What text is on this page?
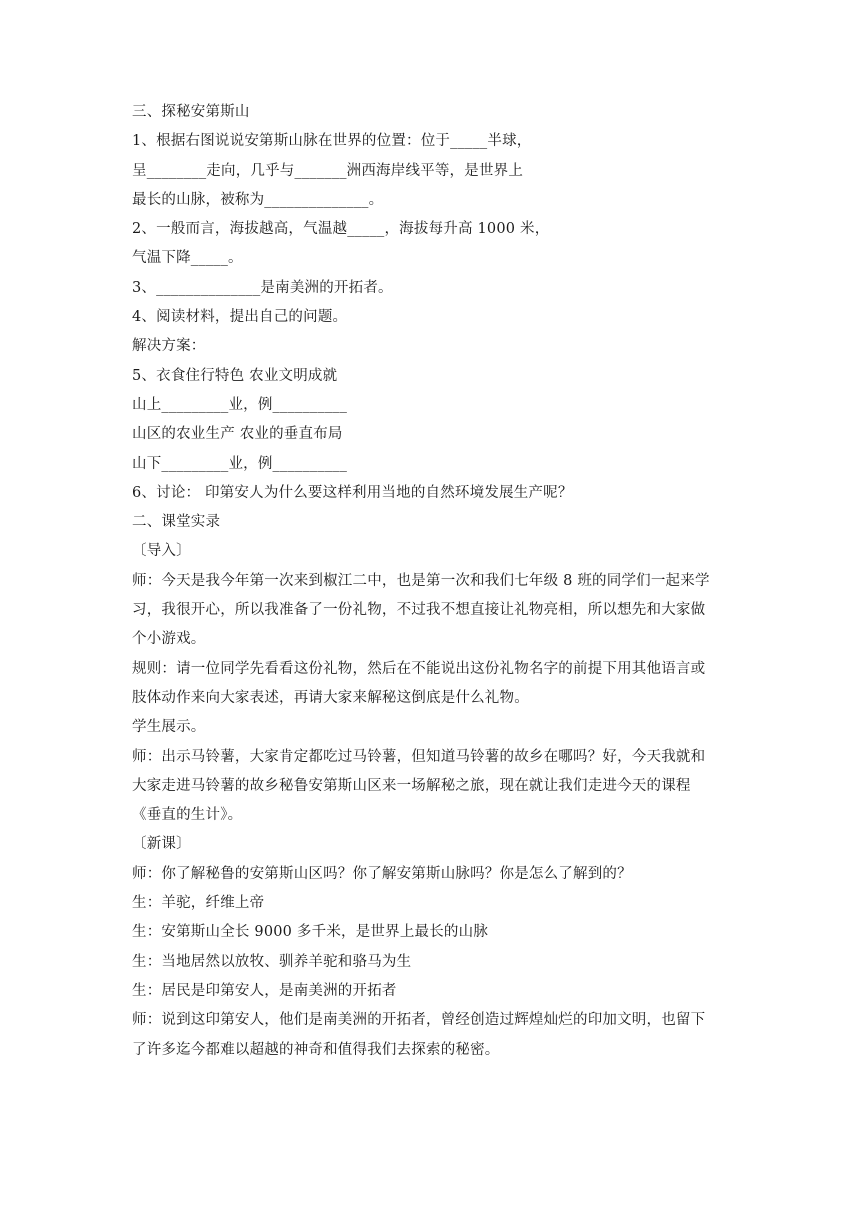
三、探秘安第斯山
1、根据右图说说安第斯山脉在世界的位置：位于_____半球，
呈________走向，几乎与_______洲西海岸线平等，是世界上
最长的山脉，被称为______________。
2、一般而言，海拔越高，气温越_____，海拔每升高 1000 米，
气温下降_____。
3、______________是南美洲的开拓者。
4、阅读材料，提出自己的问题。
解决方案：
5、衣食住行特色 农业文明成就
山上_________业，例__________
山区的农业生产 农业的垂直布局
山下_________业，例__________
6、讨论： 印第安人为什么要这样利用当地的自然环境发展生产呢？
二、课堂实录
〔导入〕
师：今天是我今年第一次来到椒江二中，也是第一次和我们七年级 8 班的同学们一起来学
习，我很开心，所以我准备了一份礼物，不过我不想直接让礼物亮相，所以想先和大家做
个小游戏。
规则：请一位同学先看看这份礼物，然后在不能说出这份礼物名字的前提下用其他语言或
肢体动作来向大家表述，再请大家来解秘这倒底是什么礼物。
学生展示。
师：出示马铃薯，大家肯定都吃过马铃薯，但知道马铃薯的故乡在哪吗？好，今天我就和
大家走进马铃薯的故乡秘鲁安第斯山区来一场解秘之旅，现在就让我们走进今天的课程
《垂直的生计》。
〔新课〕
师：你了解秘鲁的安第斯山区吗？你了解安第斯山脉吗？你是怎么了解到的？
生：羊驼，纤维上帝
生：安第斯山全长 9000 多千米，是世界上最长的山脉
生：当地居然以放牧、驯养羊驼和骆马为生
生：居民是印第安人，是南美洲的开拓者
师：说到这印第安人，他们是南美洲的开拓者，曾经创造过辉煌灿烂的印加文明，也留下
了许多迄今都难以超越的神奇和值得我们去探索的秘密。
